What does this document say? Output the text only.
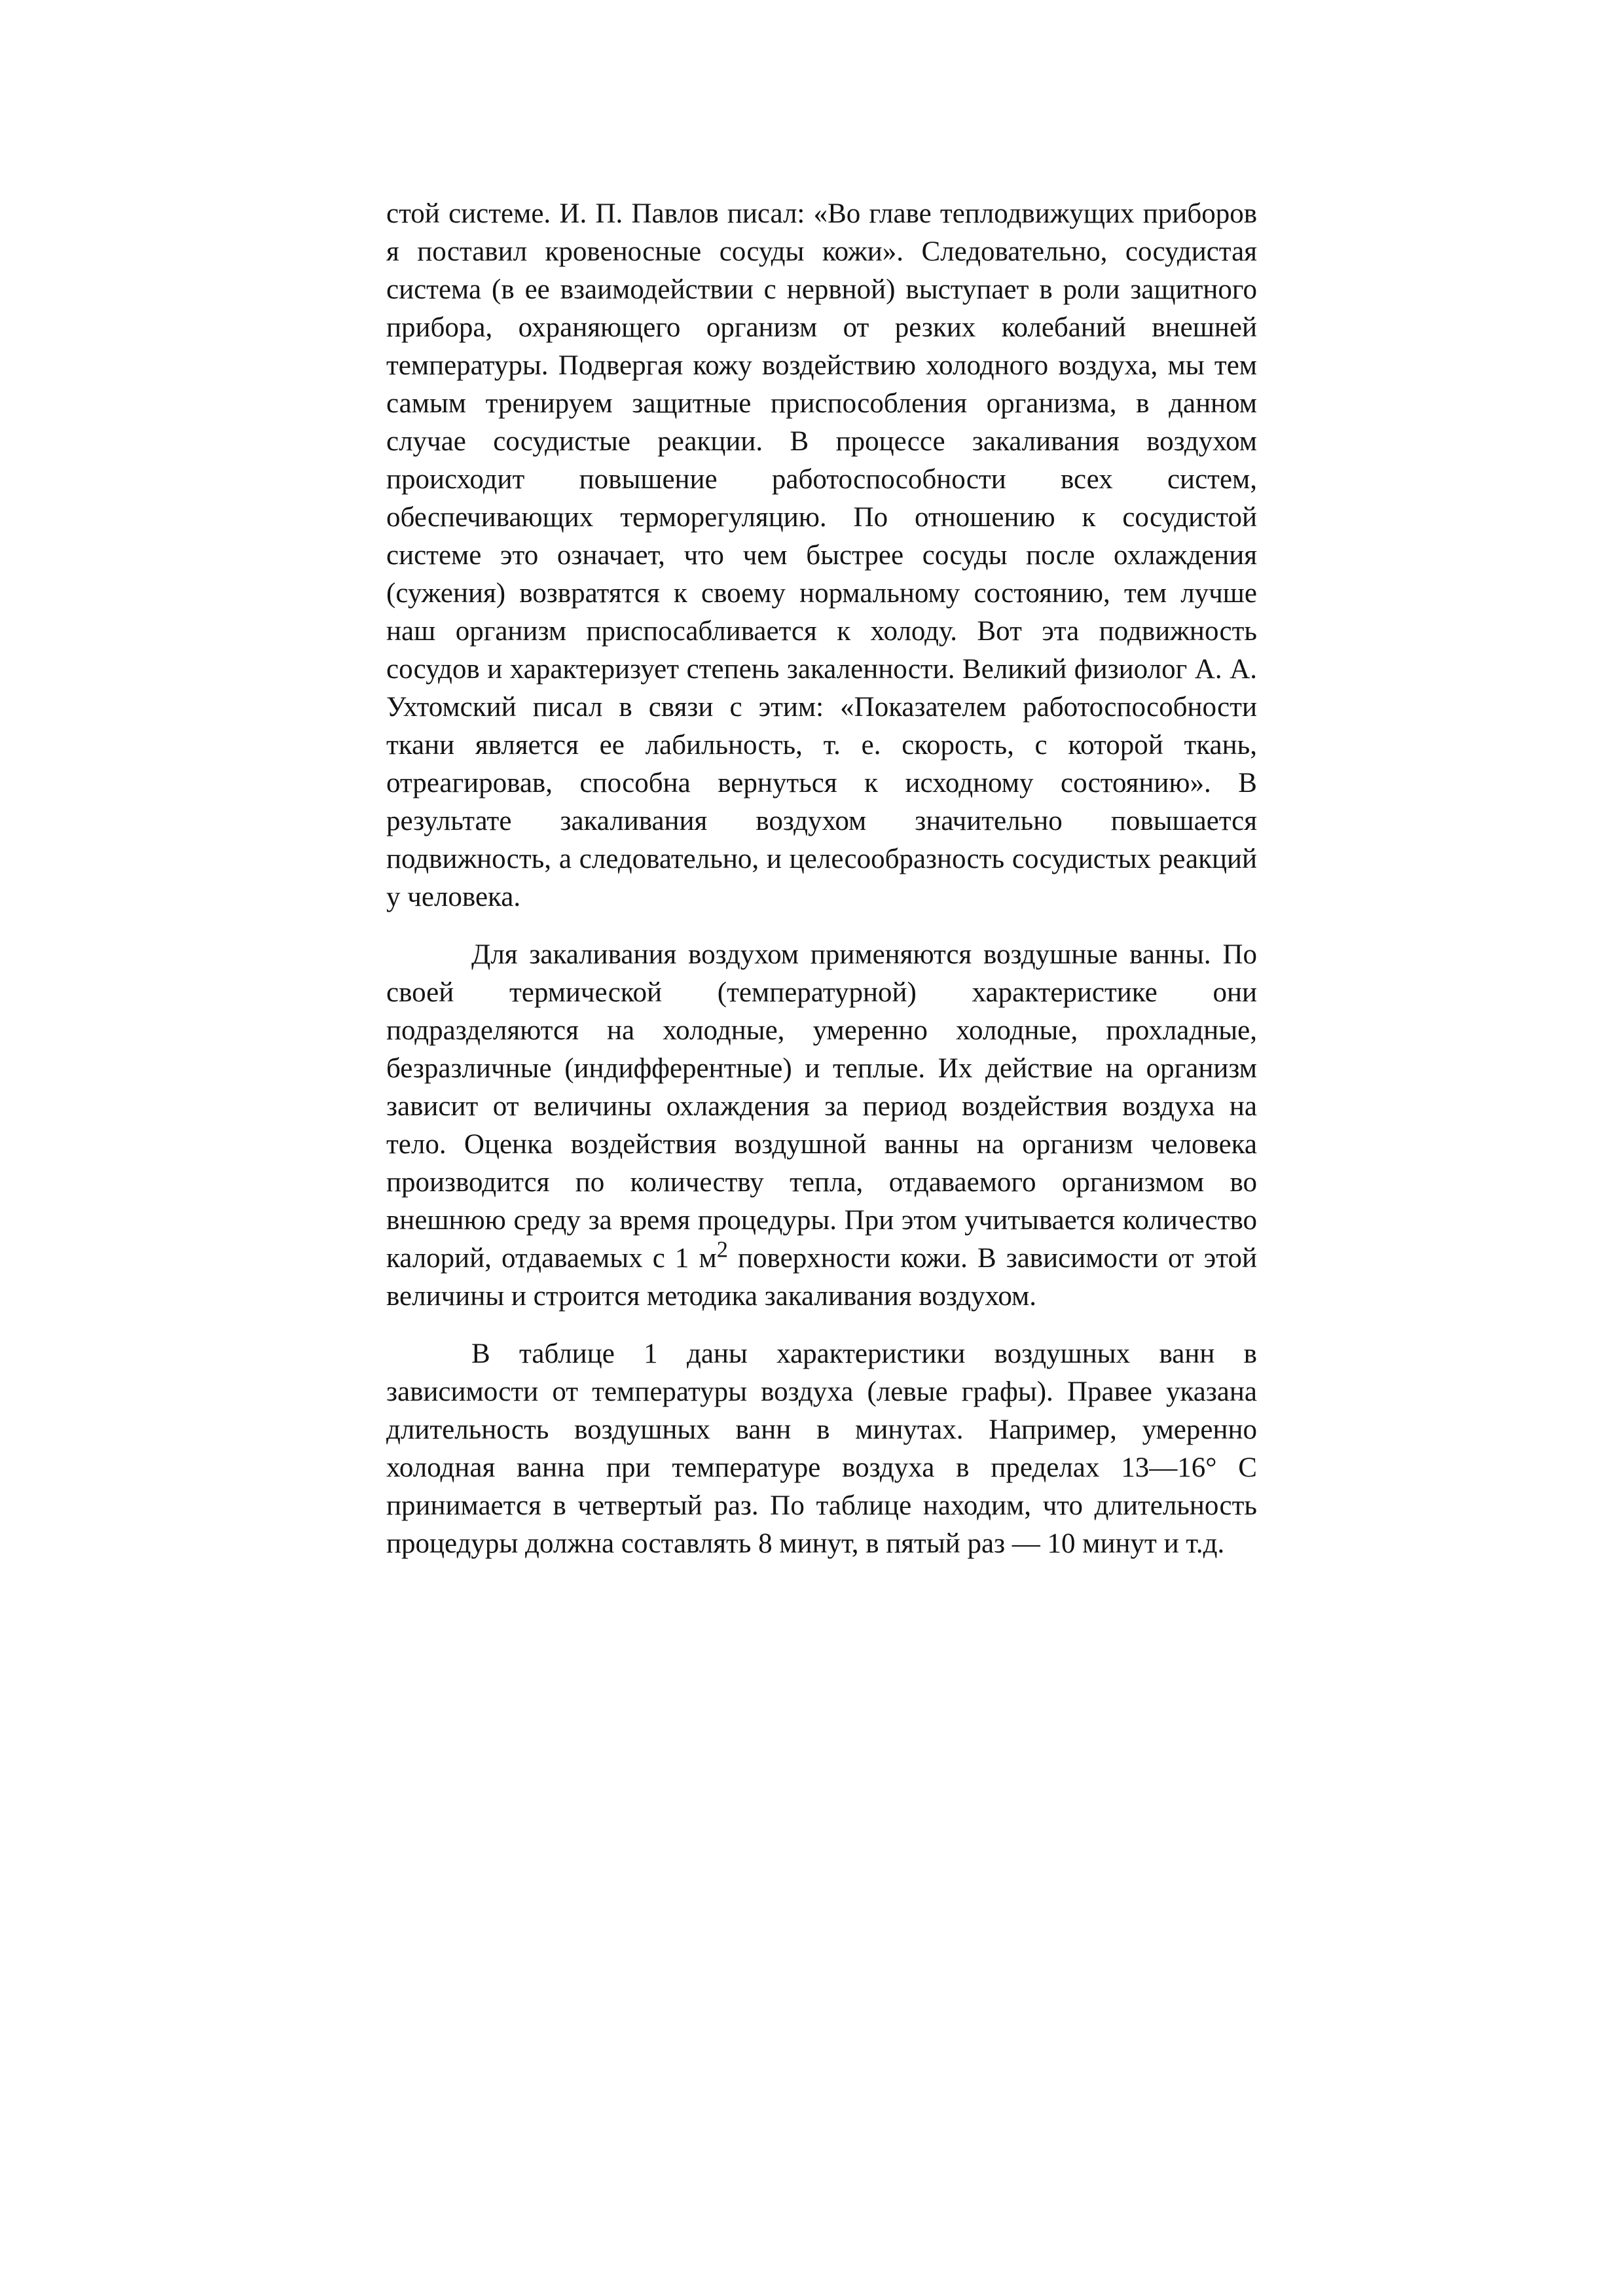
стой системе. И. П. Павлов писал: «Во главе теплодвижущих приборов я поставил кровеносные сосуды кожи». Следовательно, сосудистая система (в ее взаимодействии с нервной) выступает в роли защитного прибора, охраняющего организм от резких колебаний внешней температуры. Подвергая кожу воздействию холодного воздуха, мы тем самым тренируем защитные приспособления организма, в данном случае сосудистые реакции. В процессе закаливания воздухом происходит повышение работоспособности всех систем, обеспечивающих терморегуляцию. По отношению к сосудистой системе это означает, что чем быстрее сосуды после охлаждения (сужения) возвратятся к своему нормальному состоянию, тем лучше наш организм приспосабливается к холоду. Вот эта подвижность сосудов и характеризует степень закаленности. Великий физиолог А. А. Ухтомский писал в связи с этим: «Показателем работоспособности ткани является ее лабильность, т. е. скорость, с которой ткань, отреагировав, способна вернуться к исходному состоянию». В результате закаливания воздухом значительно повышается подвижность, а следовательно, и целесообразность сосудистых реакций у человека.

Для закаливания воздухом применяются воздушные ванны. По своей термической (температурной) характеристике они подразделяются на холодные, умеренно холодные, прохладные, безразличные (индифферентные) и теплые. Их действие на организм зависит от величины охлаждения за период воздействия воздуха на тело. Оценка воздействия воздушной ванны на организм человека производится по количеству тепла, отдаваемого организмом во внешнюю среду за время процедуры. При этом учитывается количество калорий, отдаваемых с 1 $м^2$ поверхности кожи. В зависимости от этой величины и строится методика закаливания воздухом.

В таблице 1 даны характеристики воздушных ванн в зависимости от температуры воздуха (левые графы). Правее указана длительность воздушных ванн в минутах. Например, умеренно холодная ванна при температуре воздуха в пределах 13—16° С принимается в четвертый раз. По таблице находим, что длительность процедуры должна составлять 8 минут, в пятый раз — 10 минут и т.д.
